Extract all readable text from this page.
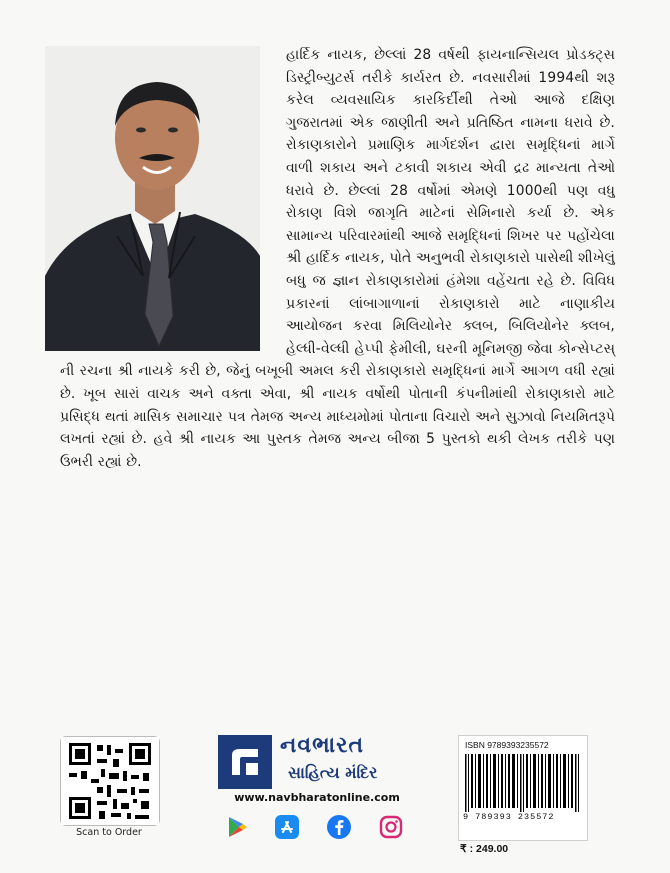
હાર્દિક નાયક, છેલ્લાં 28 વર્ષથી ફાયનાન્સિયલ પ્રોડક્ટ્સ ડિસ્ટ્રીબ્યુટર્સ તરીકે કાર્યરત છે. નવસારીમાં 1994થી શરૂ કરેલ વ્યવસાયિક કારકિર્દીથી તેઓ આજે દક્ષિણ ગુજરાતમાં એક જાણીતી અને પ્રતિષ્ઠિત નામના ધરાવે છે. રોકાણકારોને પ્રમાણિક માર્ગદર્શન દ્વારા સમૃદ્ધિનાં માર્ગે વાળી શકાય અને ટકાવી શકાય એવી દ્રઢ માન્યતા તેઓ ધરાવે છે. છેલ્લાં 28 વર્ષોમાં એમણે 1000થી પણ વધુ રોકાણ વિશે જાગૃતિ માટેનાં સેમિનારો કર્યા છે. એક સામાન્ય પરિવારમાંથી આજે સમૃદ્ધિનાં શિખર પર પહોંચેલા શ્રી હાર્દિક નાયક, પોતે અનુભવી રોકાણકારો પાસેથી શીખેલું બધુ જ જ્ઞાન રોકાણકારોમાં હંમેશા વહેંચતા રહે છે. વિવિધ પ્રકારનાં લાંબાગાળાનાં રોકાણકારો માટે નાણાકીય આયોજન કરવા મિલિયોનેર ક્લબ, બિલિયોનેર ક્લબ, હેલ્ધી-વેલ્ધી હેપ્પી ફેમીલી, ઘરની મૂનિમજી જેવા કોન્સેપ્ટસ્ ની રચના શ્રી નાયકે કરી છે, જેનું બખૂબી અમલ કરી રોકાણકારો સમૃદ્ધિનાં માર્ગે આગળ વધી રહ્યાં છે. ખૂબ સારાં વાચક અને વક્તા એવા, શ્રી નાયક વર્ષોથી પોતાની કંપનીમાંથી રોકાણકારો માટે પ્રસિદ્ધ થતાં માસિક સમાચાર પત્ર તેમજ અન્ય માધ્યમોમાં પોતાના વિચારો અને સુઝાવો નિયમિતરૂપે લખતાં રહ્યાં છે. હવે શ્રી નાયક આ પુસ્તક તેમજ અન્ય બીજા 5 પુસ્તકો થકી લેખક તરીકે પણ ઉભરી રહ્યાં છે.

Scan to Order
નવભારત
સાહિત્ય મંદિર
www.navbharatonline.com
ISBN 9789393235572
9 789393 235572
₹ : 249.00
